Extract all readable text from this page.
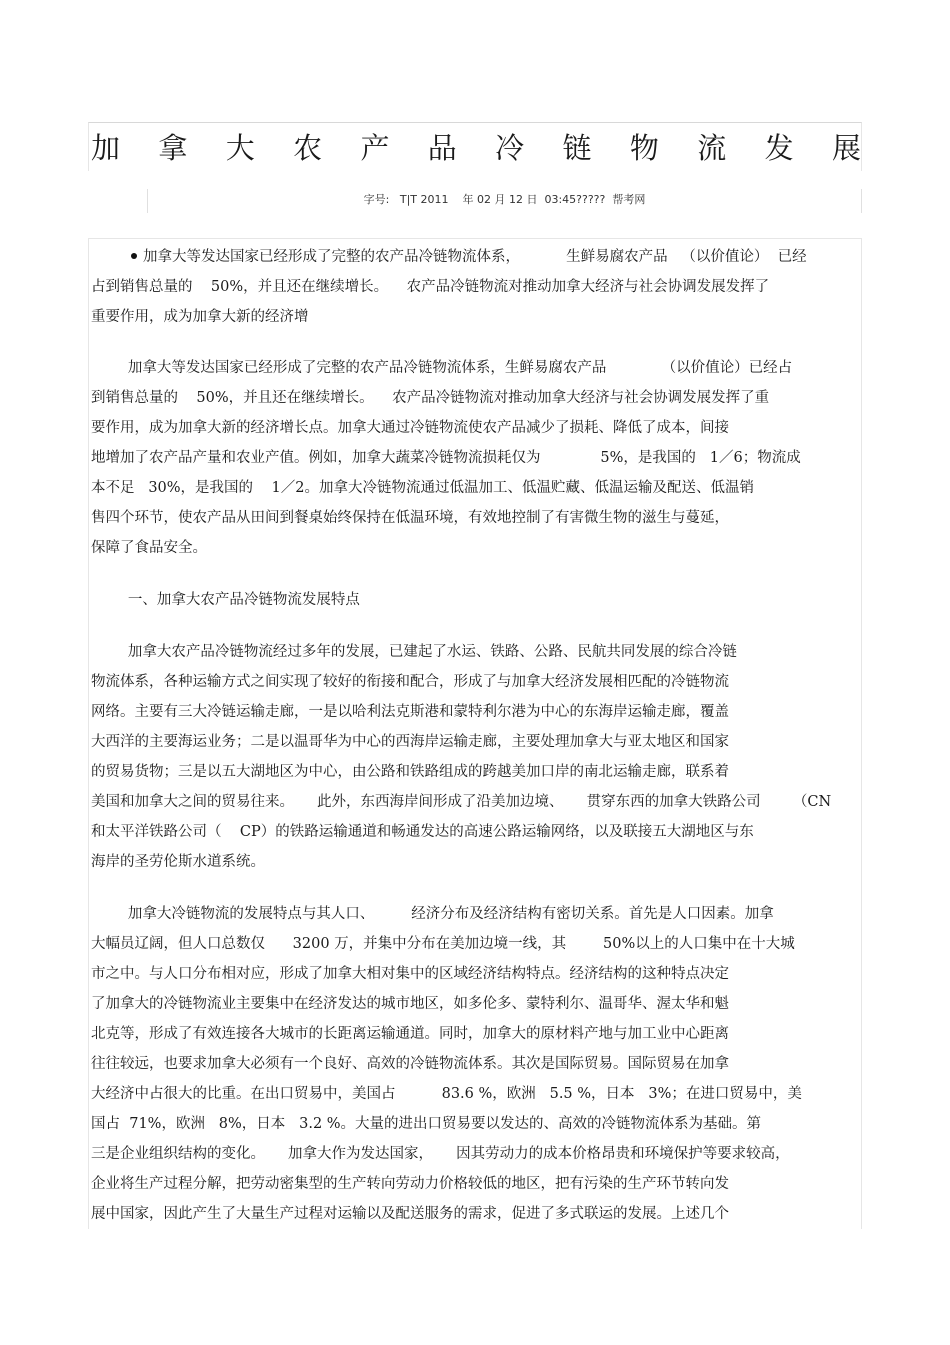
加 拿 大 农 产 品 冷 链 物 流 发 展
字号:   T|T 2011    年 02 月 12 日  03:45?????  帮考网
加拿大等发达国家已经形成了完整的农产品冷链物流体系，          生鲜易腐农产品   （以价值论）  已经
占到销售总量的    50%，并且还在继续增长。    农产品冷链物流对推动加拿大经济与社会协调发展发挥了
重要作用，成为加拿大新的经济增
加拿大等发达国家已经形成了完整的农产品冷链物流体系，生鲜易腐农产品            （以价值论）已经占
到销售总量的    50%，并且还在继续增长。    农产品冷链物流对推动加拿大经济与社会协调发展发挥了重
要作用，成为加拿大新的经济增长点。加拿大通过冷链物流使农产品减少了损耗、降低了成本，间接
地增加了农产品产量和农业产值。例如，加拿大蔬菜冷链物流损耗仅为             5%，是我国的   1／6；物流成
本不足   30%，是我国的    1／2。加拿大冷链物流通过低温加工、低温贮藏、低温运输及配送、低温销
售四个环节，使农产品从田间到餐桌始终保持在低温环境，有效地控制了有害微生物的滋生与蔓延，
保障了食品安全。
一、加拿大农产品冷链物流发展特点
加拿大农产品冷链物流经过多年的发展，已建起了水运、铁路、公路、民航共同发展的综合冷链
物流体系，各种运输方式之间实现了较好的衔接和配合，形成了与加拿大经济发展相匹配的冷链物流
网络。主要有三大冷链运输走廊，一是以哈利法克斯港和蒙特利尔港为中心的东海岸运输走廊，覆盖
大西洋的主要海运业务；二是以温哥华为中心的西海岸运输走廊，主要处理加拿大与亚太地区和国家
的贸易货物；三是以五大湖地区为中心，由公路和铁路组成的跨越美加口岸的南北运输走廊，联系着
美国和加拿大之间的贸易往来。     此外，东西海岸间形成了沿美加边境、     贯穿东西的加拿大铁路公司       （CN
和太平洋铁路公司（    CP）的铁路运输通道和畅通发达的高速公路运输网络，以及联接五大湖地区与东
海岸的圣劳伦斯水道系统。
加拿大冷链物流的发展特点与其人口、        经济分布及经济结构有密切关系。首先是人口因素。加拿
大幅员辽阔，但人口总数仅      3200 万，并集中分布在美加边境一线，其        50%以上的人口集中在十大城
市之中。与人口分布相对应，形成了加拿大相对集中的区域经济结构特点。经济结构的这种特点决定
了加拿大的冷链物流业主要集中在经济发达的城市地区，如多伦多、蒙特利尔、温哥华、渥太华和魁
北克等，形成了有效连接各大城市的长距离运输通道。同时，加拿大的原材料产地与加工业中心距离
往往较远，也要求加拿大必须有一个良好、高效的冷链物流体系。其次是国际贸易。国际贸易在加拿
大经济中占很大的比重。在出口贸易中，美国占          83.6 %，欧洲   5.5 %，日本   3%；在进口贸易中，美
国占  71%，欧洲   8%，日本   3.2 %。大量的进出口贸易要以发达的、高效的冷链物流体系为基础。第
三是企业组织结构的变化。     加拿大作为发达国家，     因其劳动力的成本价格昂贵和环境保护等要求较高，
企业将生产过程分解，把劳动密集型的生产转向劳动力价格较低的地区，把有污染的生产环节转向发
展中国家，因此产生了大量生产过程对运输以及配送服务的需求，促进了多式联运的发展。上述几个
